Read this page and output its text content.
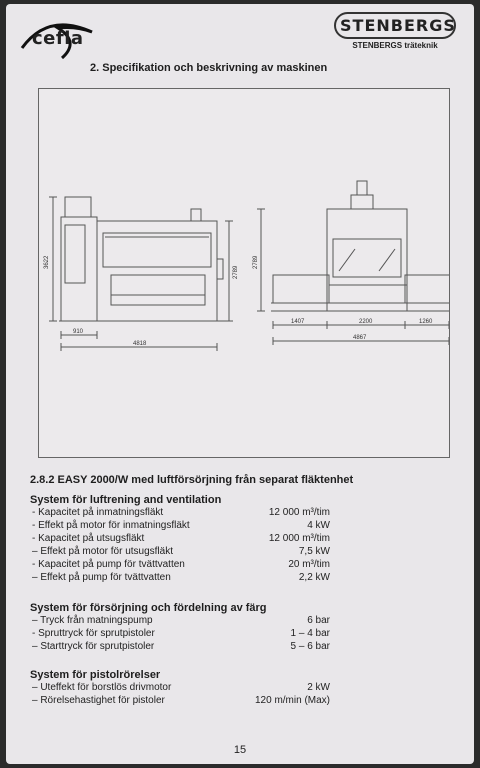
cefla
STENBERGS
STENBERGS träteknik
2. Specifikation och beskrivning av maskinen
3622
2789
910
4818
2789
1407	2200	1260
4867
2.8.2 EASY 2000/W med luftförsörjning från separat fläktenhet
System för luftrening and ventilation
- Kapacitet på inmatningsfläkt	12 000 m³/tim
- Effekt på motor för inmatningsfläkt	4 kW
- Kapacitet på utsugsfläkt	12 000 m³/tim
– Effekt på motor för utsugsfläkt	7,5 kW
- Kapacitet på pump för tvättvatten	20 m³/tim
– Effekt på pump för tvättvatten	2,2 kW
System för försörjning och fördelning av färg
– Tryck från matningspump	6 bar
- Spruttryck för sprutpistoler	1 – 4 bar
– Starttryck för sprutpistoler	5 – 6 bar
System för pistolrörelser
– Uteffekt för borstlös drivmotor	2 kW
– Rörelsehastighet för pistoler	120 m/min (Max)
15
